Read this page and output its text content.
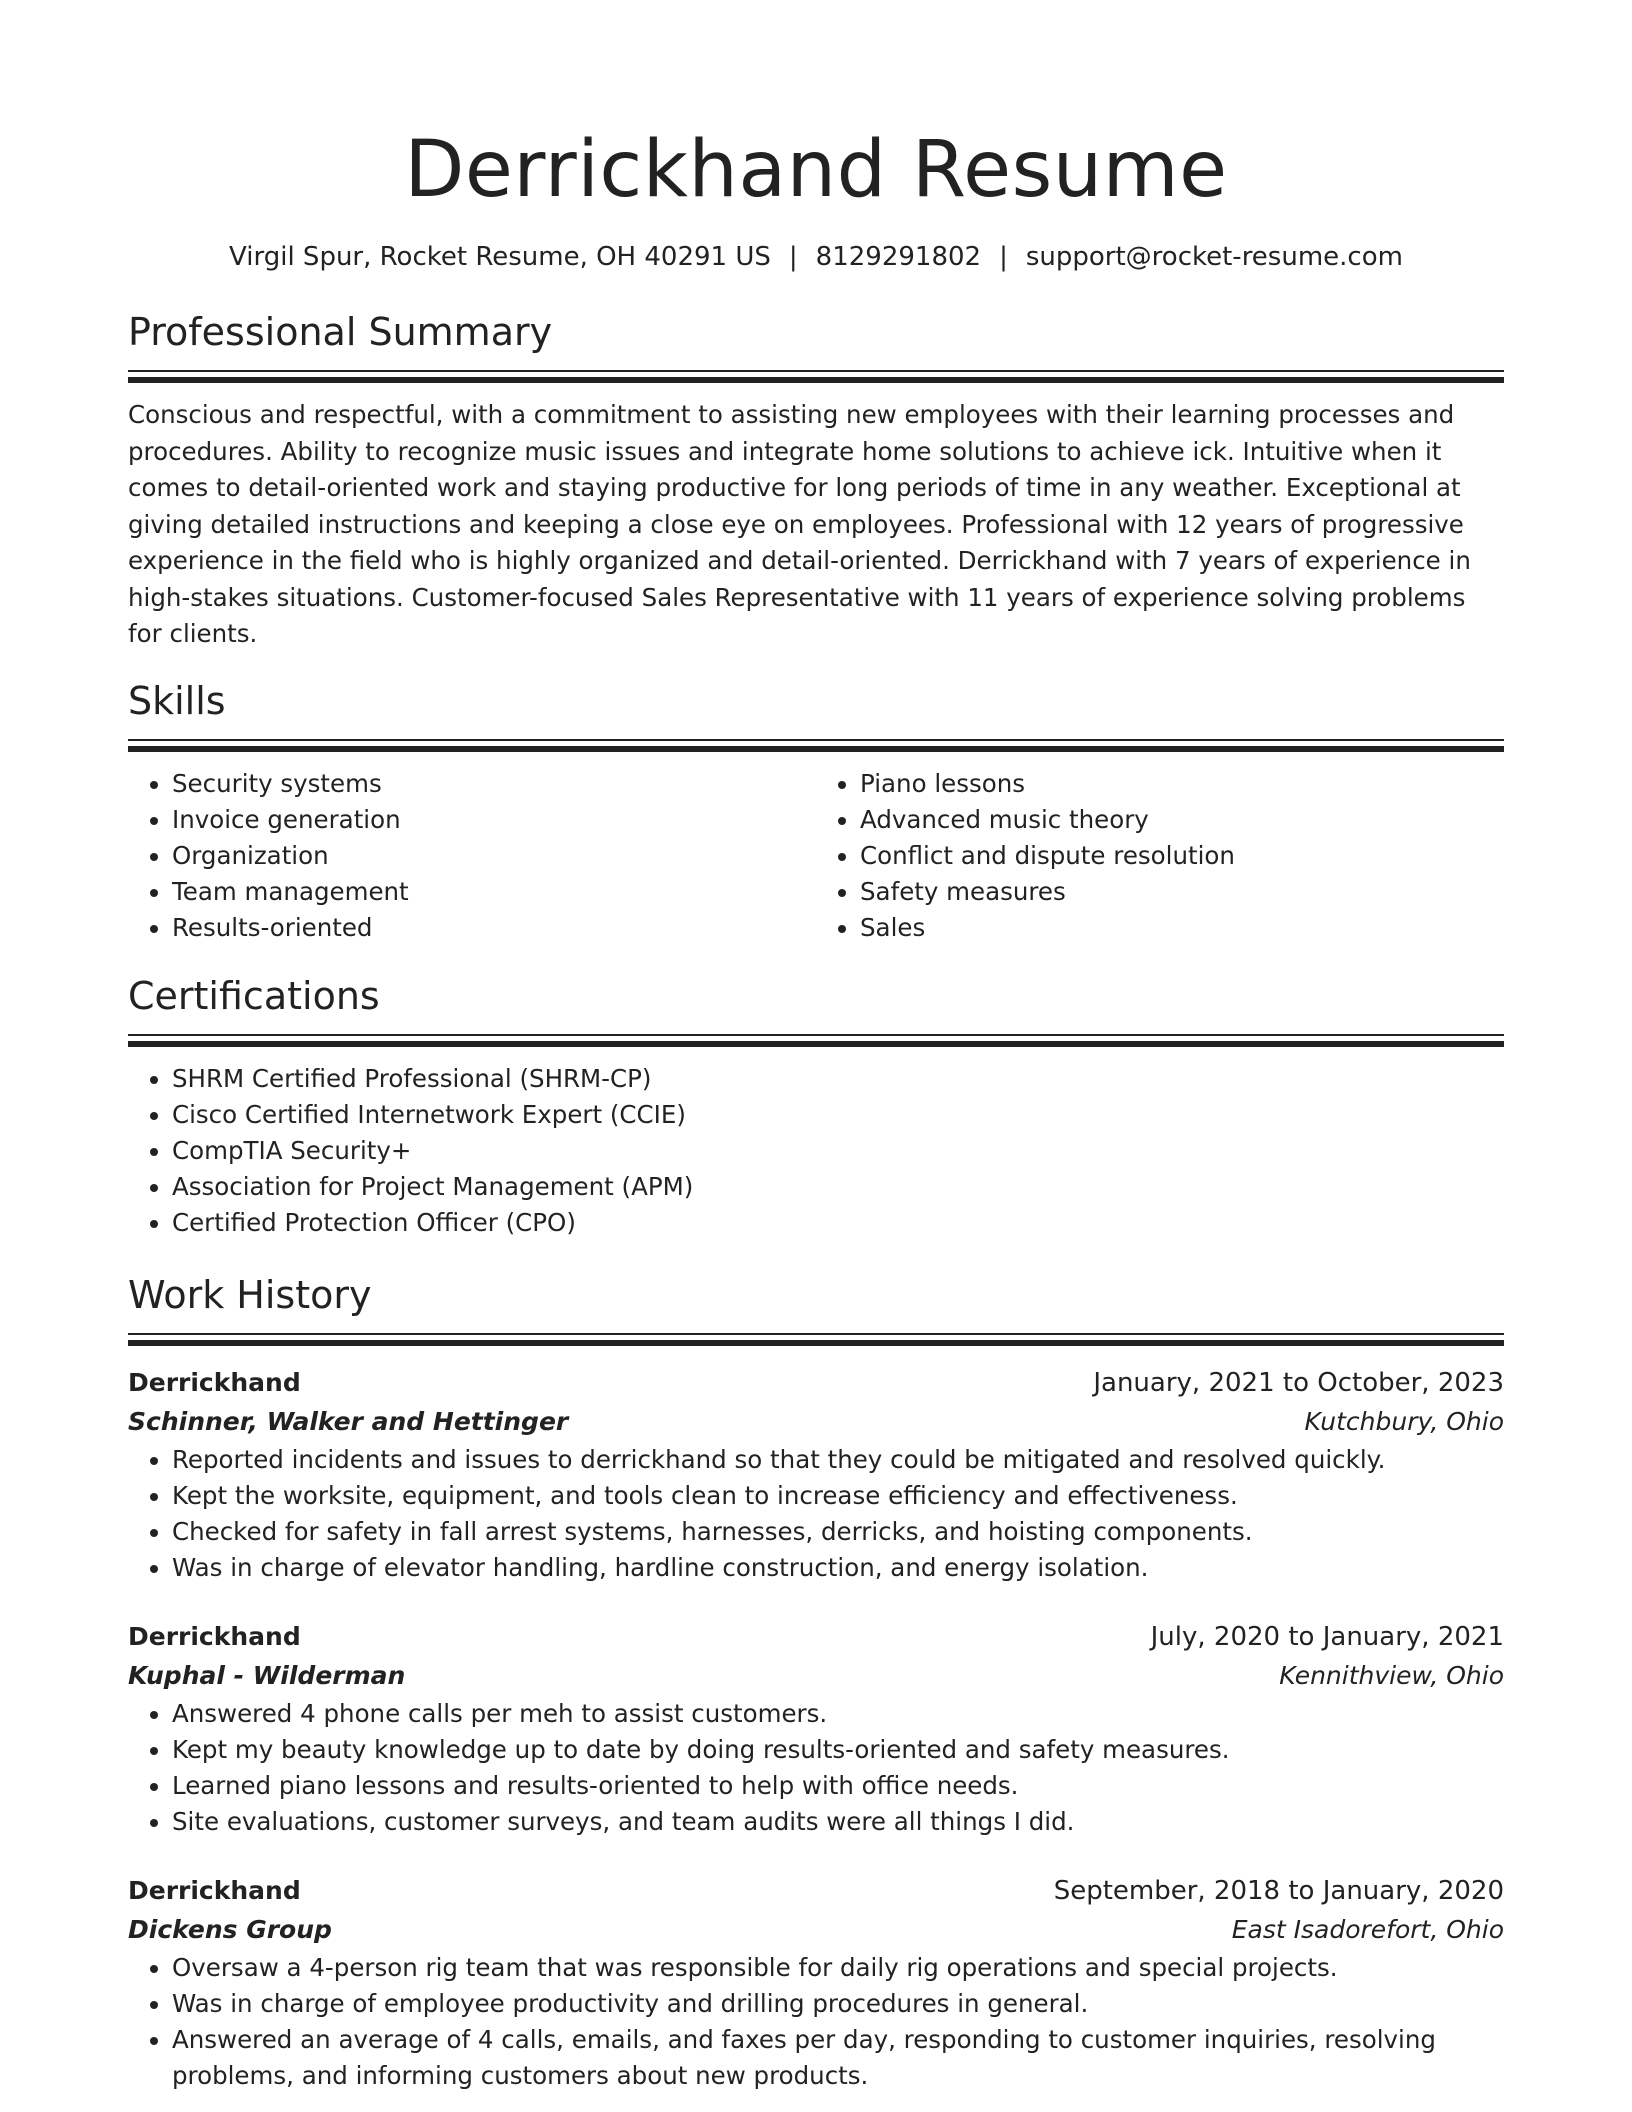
Derrickhand Resume
Virgil Spur, Rocket Resume, OH 40291 US | 8129291802 | support@rocket-resume.com
Professional Summary
Conscious and respectful, with a commitment to assisting new employees with their learning processes and procedures. Ability to recognize music issues and integrate home solutions to achieve ick. Intuitive when it comes to detail-oriented work and staying productive for long periods of time in any weather. Exceptional at giving detailed instructions and keeping a close eye on employees. Professional with 12 years of progressive experience in the field who is highly organized and detail-oriented. Derrickhand with 7 years of experience in high-stakes situations. Customer-focused Sales Representative with 11 years of experience solving problems for clients.
Skills
• Security systems
• Invoice generation
• Organization
• Team management
• Results-oriented
• Piano lessons
• Advanced music theory
• Conflict and dispute resolution
• Safety measures
• Sales
Certifications
• SHRM Certified Professional (SHRM-CP)
• Cisco Certified Internetwork Expert (CCIE)
• CompTIA Security+
• Association for Project Management (APM)
• Certified Protection Officer (CPO)
Work History
Derrickhand	January, 2021 to October, 2023
Schinner, Walker and Hettinger	Kutchbury, Ohio
• Reported incidents and issues to derrickhand so that they could be mitigated and resolved quickly.
• Kept the worksite, equipment, and tools clean to increase efficiency and effectiveness.
• Checked for safety in fall arrest systems, harnesses, derricks, and hoisting components.
• Was in charge of elevator handling, hardline construction, and energy isolation.
Derrickhand	July, 2020 to January, 2021
Kuphal - Wilderman	Kennithview, Ohio
• Answered 4 phone calls per meh to assist customers.
• Kept my beauty knowledge up to date by doing results-oriented and safety measures.
• Learned piano lessons and results-oriented to help with office needs.
• Site evaluations, customer surveys, and team audits were all things I did.
Derrickhand	September, 2018 to January, 2020
Dickens Group	East Isadorefort, Ohio
• Oversaw a 4-person rig team that was responsible for daily rig operations and special projects.
• Was in charge of employee productivity and drilling procedures in general.
• Answered an average of 4 calls, emails, and faxes per day, responding to customer inquiries, resolving problems, and informing customers about new products.
